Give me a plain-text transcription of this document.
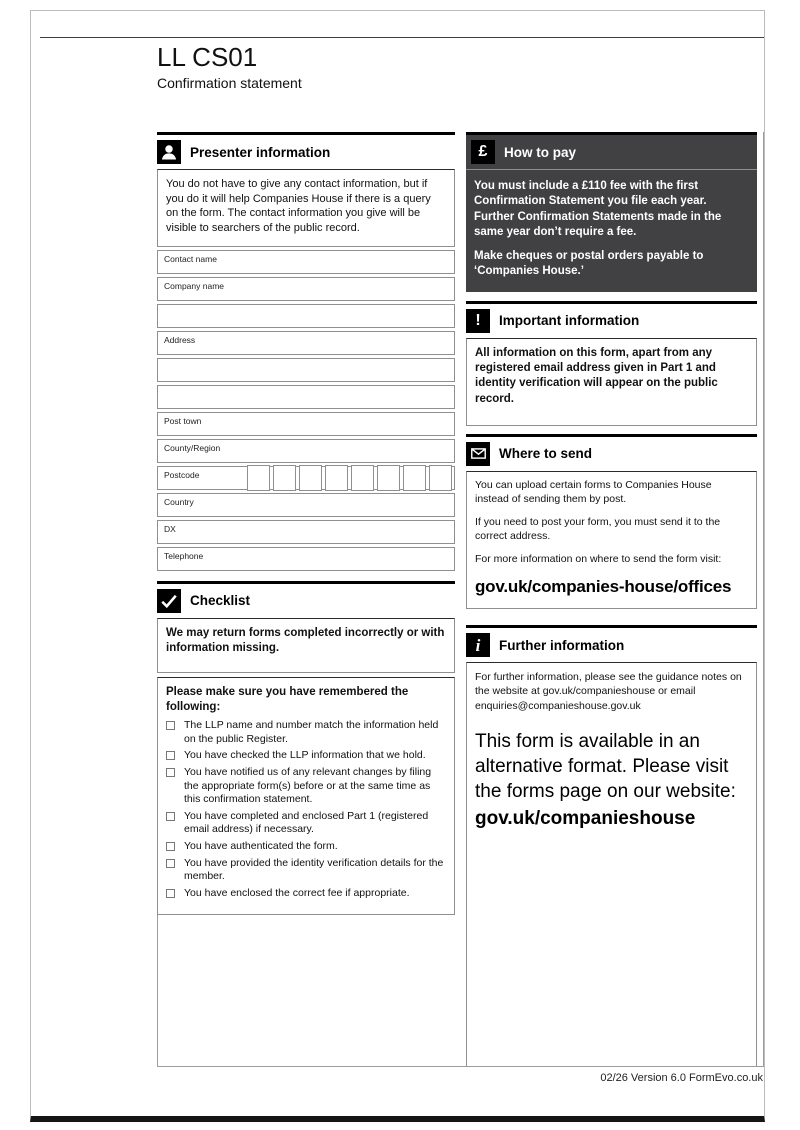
LL CS01
Confirmation statement
Presenter information
You do not have to give any contact information, but if you do it will help Companies House if there is a query on the form. The contact information you give will be visible to searchers of the public record.
Contact name
Company name
Address
Post town
County/Region
Postcode
Country
DX
Telephone
Checklist
We may return forms completed incorrectly or with information missing.
Please make sure you have remembered the following:
The LLP name and number match the information held on the public Register.
You have checked the LLP information that we hold.
You have notified us of any relevant changes by filing the appropriate form(s) before or at the same time as this confirmation statement.
You have completed and enclosed Part 1 (registered email address) if necessary.
You have authenticated the form.
You have provided the identity verification details for the member.
You have enclosed the correct fee if appropriate.
£ How to pay

You must include a £110 fee with the first Confirmation Statement you file each year. Further Confirmation Statements made in the same year don’t require a fee.

Make cheques or postal orders payable to ‘Companies House.’

! Important information
All information on this form, apart from any registered email address given in Part 1 and identity verification will appear on the public record.
Where to send

You can upload certain forms to Companies House instead of sending them by post.

If you need to post your form, you must send it to the correct address.

For more information on where to send the form visit:

gov.uk/companies-house/offices
i Further information
For further information, please see the guidance notes on the website at gov.uk/companieshouse or email enquiries@companieshouse.gov.uk
This form is available in an alternative format. Please visit the forms page on our website:
gov.uk/companieshouse
02/26 Version 6.0 FormEvo.co.uk
